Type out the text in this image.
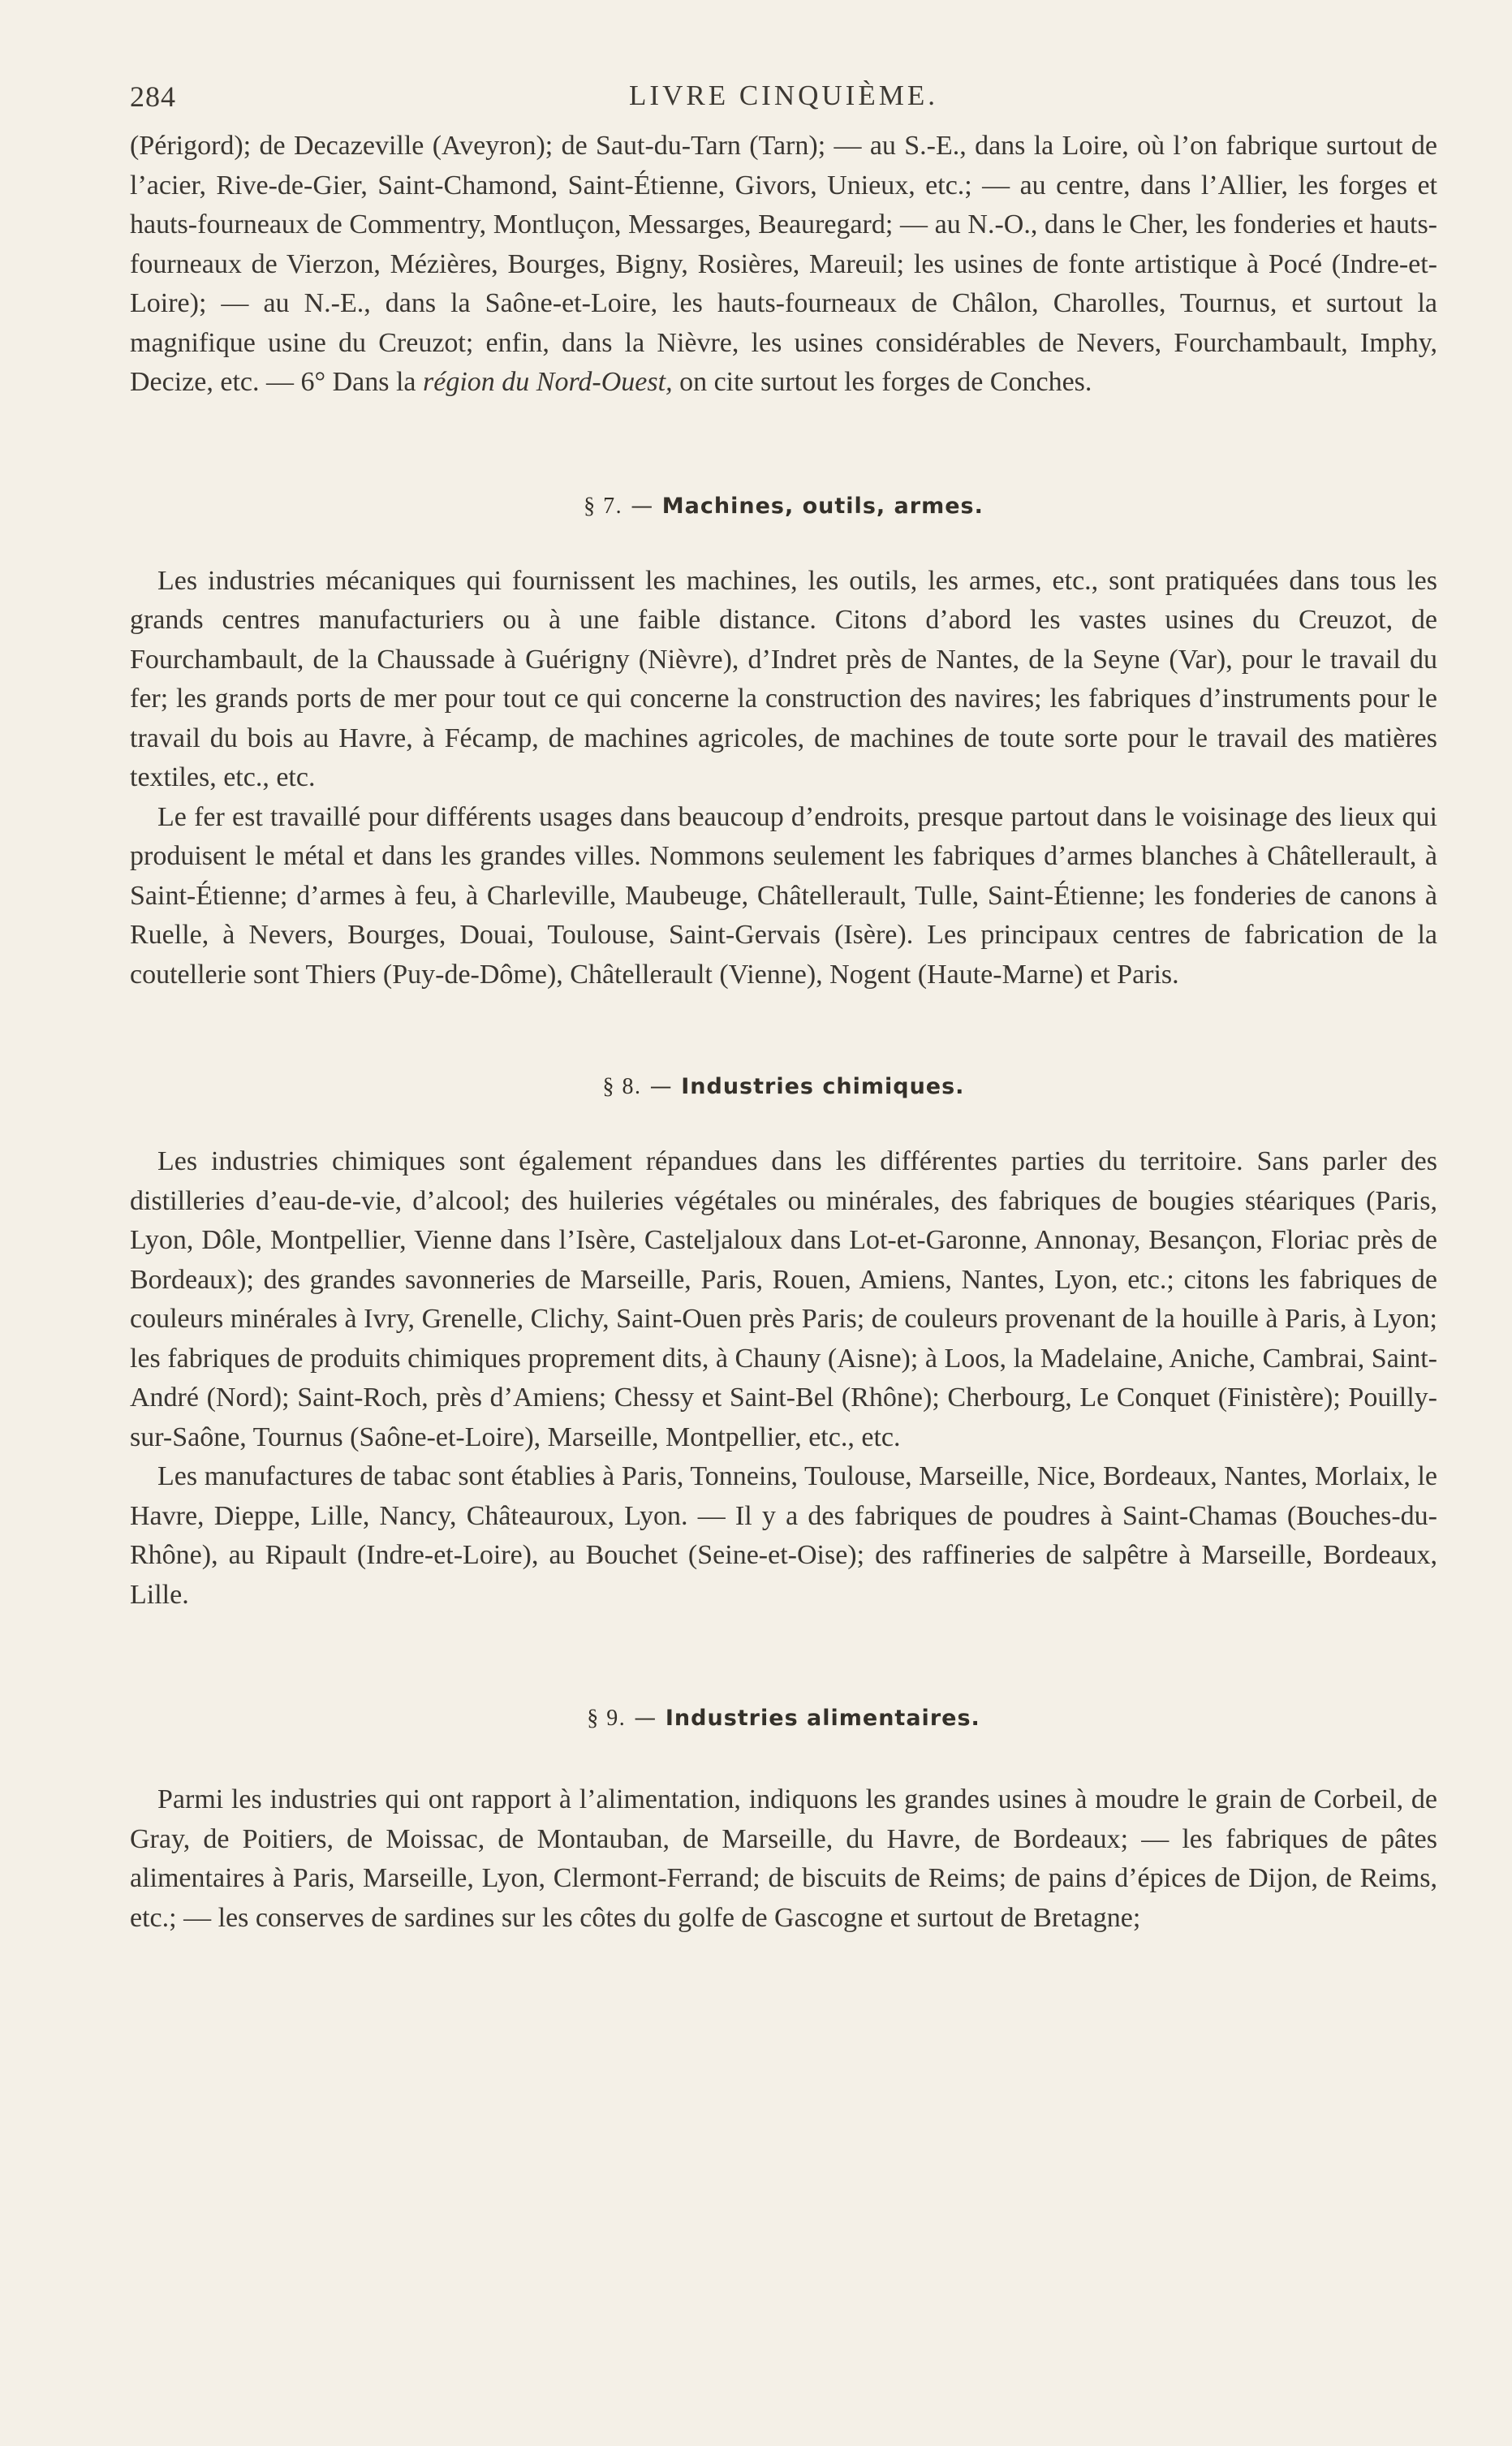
284	LIVRE CINQUIÈME.

(Périgord); de Decazeville (Aveyron); de Saut-du-Tarn (Tarn); — au S.-E., dans la Loire, où l’on fabrique surtout de l’acier, Rive-de-Gier, Saint-Chamond, Saint-Étienne, Givors, Unieux, etc.; — au centre, dans l’Allier, les forges et hauts-fourneaux de Commentry, Montluçon, Messarges, Beauregard; — au N.-O., dans le Cher, les fonderies et hauts-fourneaux de Vierzon, Mézières, Bourges, Bigny, Rosières, Mareuil; les usines de fonte artistique à Pocé (Indre-et-Loire); — au N.-E., dans la Saône-et-Loire, les hauts-fourneaux de Châlon, Charolles, Tournus, et surtout la magnifique usine du Creuzot; enfin, dans la Nièvre, les usines considérables de Nevers, Fourchambault, Imphy, Decize, etc. — 6° Dans la région du Nord-Ouest, on cite surtout les forges de Conches.

§ 7. — Machines, outils, armes.

Les industries mécaniques qui fournissent les machines, les outils, les armes, etc., sont pratiquées dans tous les grands centres manufacturiers ou à une faible distance. Citons d’abord les vastes usines du Creuzot, de Fourchambault, de la Chaussade à Guérigny (Nièvre), d’Indret près de Nantes, de la Seyne (Var), pour le travail du fer; les grands ports de mer pour tout ce qui concerne la construction des navires; les fabriques d’instruments pour le travail du bois au Havre, à Fécamp, de machines agricoles, de machines de toute sorte pour le travail des matières textiles, etc., etc.

Le fer est travaillé pour différents usages dans beaucoup d’endroits, presque partout dans le voisinage des lieux qui produisent le métal et dans les grandes villes. Nommons seulement les fabriques d’armes blanches à Châtellerault, à Saint-Étienne; d’armes à feu, à Charleville, Maubeuge, Châtellerault, Tulle, Saint-Étienne; les fonderies de canons à Ruelle, à Nevers, Bourges, Douai, Toulouse, Saint-Gervais (Isère). Les principaux centres de fabrication de la coutellerie sont Thiers (Puy-de-Dôme), Châtellerault (Vienne), Nogent (Haute-Marne) et Paris.

§ 8. — Industries chimiques.

Les industries chimiques sont également répandues dans les différentes parties du territoire. Sans parler des distilleries d’eau-de-vie, d’alcool; des huileries végétales ou minérales, des fabriques de bougies stéariques (Paris, Lyon, Dôle, Montpellier, Vienne dans l’Isère, Casteljaloux dans Lot-et-Garonne, Annonay, Besançon, Floriac près de Bordeaux); des grandes savonneries de Marseille, Paris, Rouen, Amiens, Nantes, Lyon, etc.; citons les fabriques de couleurs minérales à Ivry, Grenelle, Clichy, Saint-Ouen près Paris; de couleurs provenant de la houille à Paris, à Lyon; les fabriques de produits chimiques proprement dits, à Chauny (Aisne); à Loos, la Madelaine, Aniche, Cambrai, Saint-André (Nord); Saint-Roch, près d’Amiens; Chessy et Saint-Bel (Rhône); Cherbourg, Le Conquet (Finistère); Pouilly-sur-Saône, Tournus (Saône-et-Loire), Marseille, Montpellier, etc., etc.

Les manufactures de tabac sont établies à Paris, Tonneins, Toulouse, Marseille, Nice, Bordeaux, Nantes, Morlaix, le Havre, Dieppe, Lille, Nancy, Châteauroux, Lyon. — Il y a des fabriques de poudres à Saint-Chamas (Bouches-du-Rhône), au Ripault (Indre-et-Loire), au Bouchet (Seine-et-Oise); des raffineries de salpêtre à Marseille, Bordeaux, Lille.

§ 9. — Industries alimentaires.

Parmi les industries qui ont rapport à l’alimentation, indiquons les grandes usines à moudre le grain de Corbeil, de Gray, de Poitiers, de Moissac, de Montauban, de Marseille, du Havre, de Bordeaux; — les fabriques de pâtes alimentaires à Paris, Marseille, Lyon, Clermont-Ferrand; de biscuits de Reims; de pains d’épices de Dijon, de Reims, etc.; — les conserves de sardines sur les côtes du golfe de Gascogne et surtout de Bretagne;
